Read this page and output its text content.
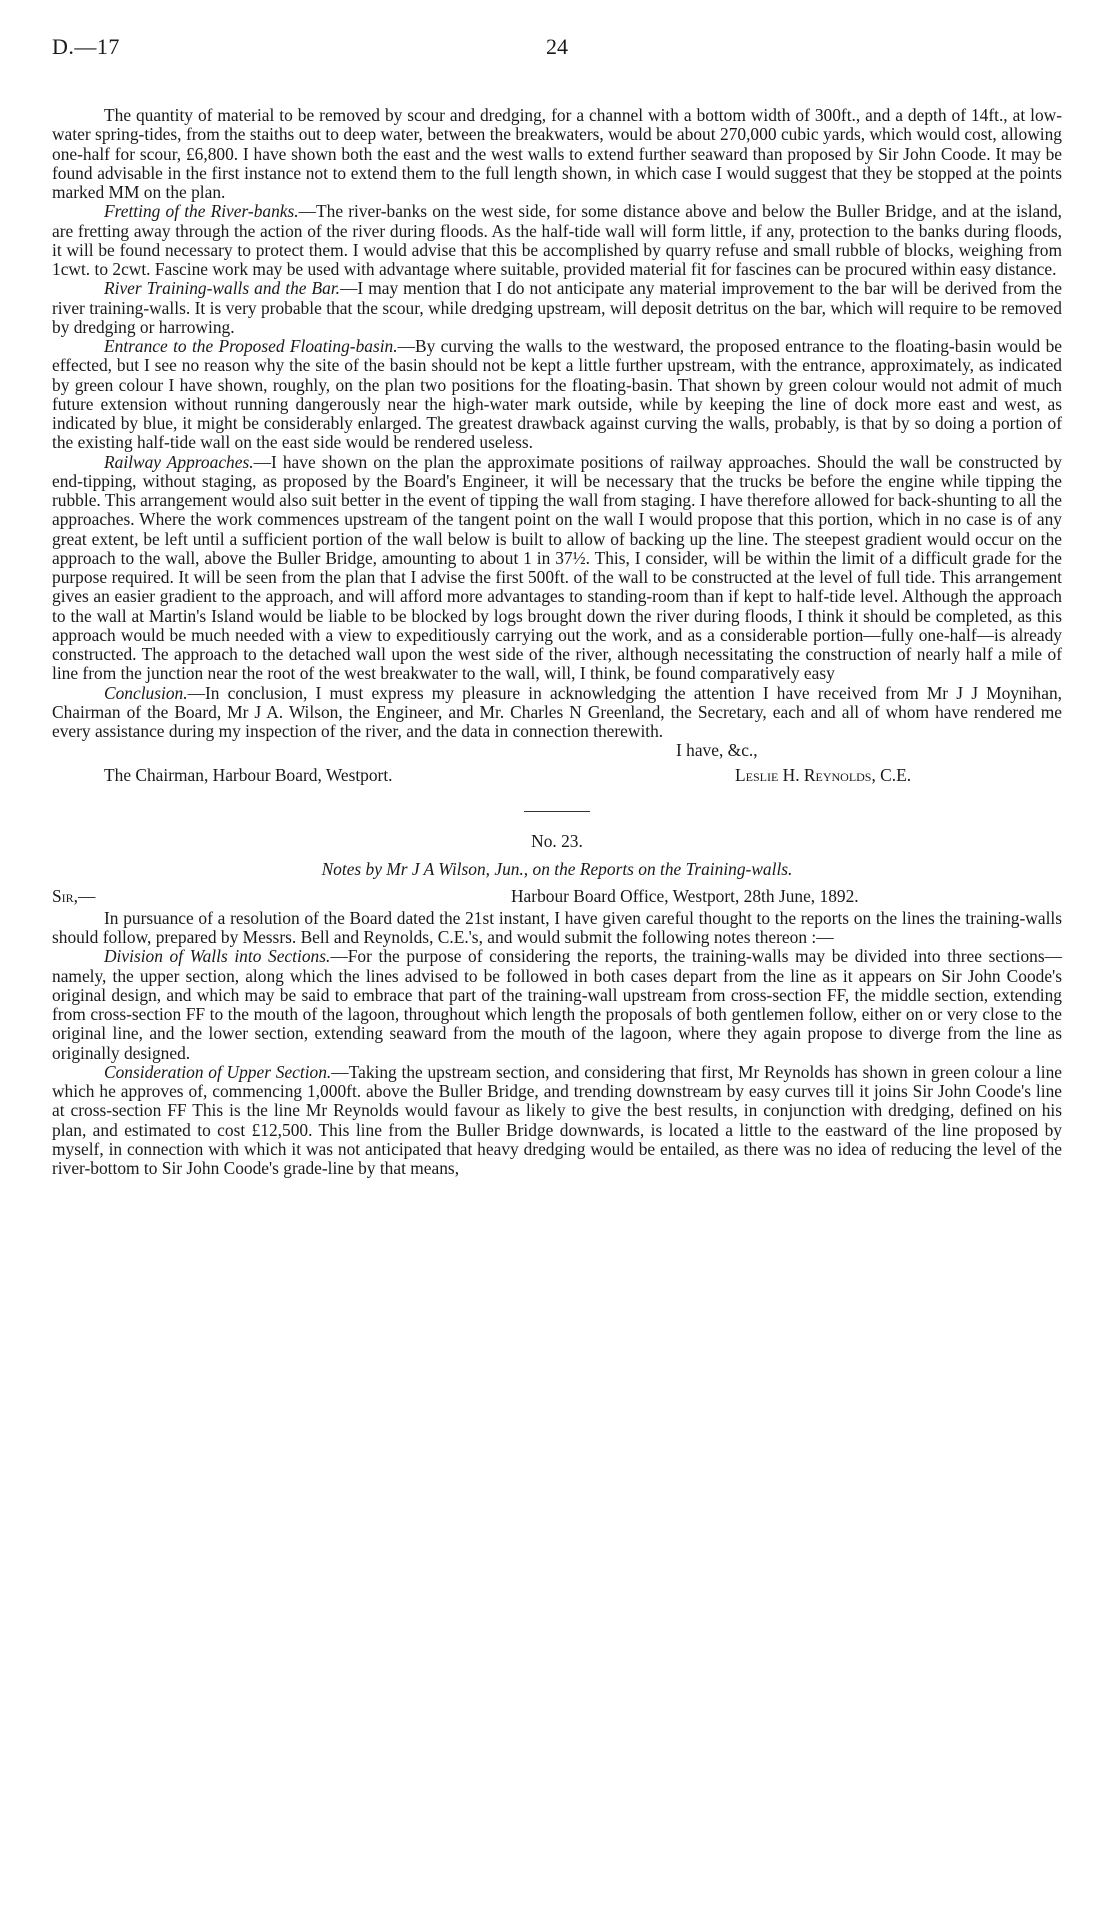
D.—17	24

The quantity of material to be removed by scour and dredging, for a channel with a bottom width of 300ft., and a depth of 14ft., at low-water spring-tides, from the staiths out to deep water, between the breakwaters, would be about 270,000 cubic yards, which would cost, allowing one-half for scour, £6,800. I have shown both the east and the west walls to extend further seaward than proposed by Sir John Coode. It may be found advisable in the first instance not to extend them to the full length shown, in which case I would suggest that they be stopped at the points marked MM on the plan.

Fretting of the River-banks.—The river-banks on the west side, for some distance above and below the Buller Bridge, and at the island, are fretting away through the action of the river during floods. As the half-tide wall will form little, if any, protection to the banks during floods, it will be found necessary to protect them. I would advise that this be accomplished by quarry refuse and small rubble of blocks, weighing from 1cwt. to 2cwt. Fascine work may be used with advantage where suitable, provided material fit for fascines can be procured within easy distance.

River Training-walls and the Bar.—I may mention that I do not anticipate any material improvement to the bar will be derived from the river training-walls. It is very probable that the scour, while dredging upstream, will deposit detritus on the bar, which will require to be removed by dredging or harrowing.

Entrance to the Proposed Floating-basin.—By curving the walls to the westward, the proposed entrance to the floating-basin would be effected, but I see no reason why the site of the basin should not be kept a little further upstream, with the entrance, approximately, as indicated by green colour I have shown, roughly, on the plan two positions for the floating-basin. That shown by green colour would not admit of much future extension without running dangerously near the high-water mark outside, while by keeping the line of dock more east and west, as indicated by blue, it might be considerably enlarged. The greatest drawback against curving the walls, probably, is that by so doing a portion of the existing half-tide wall on the east side would be rendered useless.

Railway Approaches.—I have shown on the plan the approximate positions of railway approaches. Should the wall be constructed by end-tipping, without staging, as proposed by the Board's Engineer, it will be necessary that the trucks be before the engine while tipping the rubble. This arrangement would also suit better in the event of tipping the wall from staging. I have therefore allowed for back-shunting to all the approaches. Where the work commences upstream of the tangent point on the wall I would propose that this portion, which in no case is of any great extent, be left until a sufficient portion of the wall below is built to allow of backing up the line. The steepest gradient would occur on the approach to the wall, above the Buller Bridge, amounting to about 1 in 37½. This, I consider, will be within the limit of a difficult grade for the purpose required. It will be seen from the plan that I advise the first 500ft. of the wall to be constructed at the level of full tide. This arrangement gives an easier gradient to the approach, and will afford more advantages to standing-room than if kept to half-tide level. Although the approach to the wall at Martin's Island would be liable to be blocked by logs brought down the river during floods, I think it should be completed, as this approach would be much needed with a view to expeditiously carrying out the work, and as a considerable portion—fully one-half—is already constructed. The approach to the detached wall upon the west side of the river, although necessitating the construction of nearly half a mile of line from the junction near the root of the west breakwater to the wall, will, I think, be found comparatively easy

Conclusion.—In conclusion, I must express my pleasure in acknowledging the attention I have received from Mr J J Moynihan, Chairman of the Board, Mr J A. Wilson, the Engineer, and Mr. Charles N Greenland, the Secretary, each and all of whom have rendered me every assistance during my inspection of the river, and the data in connection therewith.

I have, &c.,
The Chairman, Harbour Board, Westport.	Leslie H. Reynolds, C.E.
No. 23.
Notes by Mr J A Wilson, Jun., on the Reports on the Training-walls.
Sir,—	Harbour Board Office, Westport, 28th June, 1892.

In pursuance of a resolution of the Board dated the 21st instant, I have given careful thought to the reports on the lines the training-walls should follow, prepared by Messrs. Bell and Reynolds, C.E.'s, and would submit the following notes thereon :—

Division of Walls into Sections.—For the purpose of considering the reports, the training-walls may be divided into three sections—namely, the upper section, along which the lines advised to be followed in both cases depart from the line as it appears on Sir John Coode's original design, and which may be said to embrace that part of the training-wall upstream from cross-section FF, the middle section, extending from cross-section FF to the mouth of the lagoon, throughout which length the proposals of both gentlemen follow, either on or very close to the original line, and the lower section, extending seaward from the mouth of the lagoon, where they again propose to diverge from the line as originally designed.

Consideration of Upper Section.—Taking the upstream section, and considering that first, Mr Reynolds has shown in green colour a line which he approves of, commencing 1,000ft. above the Buller Bridge, and trending downstream by easy curves till it joins Sir John Coode's line at cross-section FF This is the line Mr Reynolds would favour as likely to give the best results, in conjunction with dredging, defined on his plan, and estimated to cost £12,500. This line from the Buller Bridge downwards, is located a little to the eastward of the line proposed by myself, in connection with which it was not anticipated that heavy dredging would be entailed, as there was no idea of reducing the level of the river-bottom to Sir John Coode's grade-line by that means,
